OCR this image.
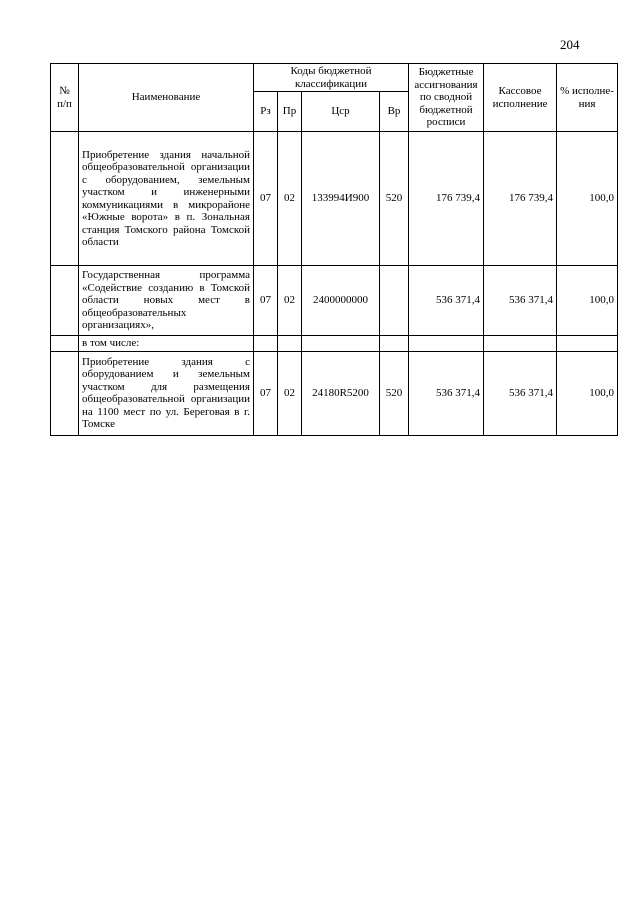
204
№ п/п	Наименование	Коды бюджетной классификации				Бюджетные ассигнования по сводной бюджетной росписи	Кассовое исполнение	% исполне-ния
		Рз	Пр	Цср	Вр			
	Приобретение здания начальной общеобразовательной организации с оборудованием, земельным участком и инженерными коммуникациями в микрорайоне «Южные ворота» в п. Зональная станция Томского района Томской области	07	02	133994И900	520	176 739,4	176 739,4	100,0
	Государственная программа «Содействие созданию в Томской области новых мест в общеобразовательных организациях»,	07	02	2400000000		536 371,4	536 371,4	100,0
	в том числе:							
	Приобретение здания с оборудованием и земельным участком для размещения общеобразовательной организации на 1100 мест по ул. Береговая в г. Томске	07	02	24180R5200	520	536 371,4	536 371,4	100,0
